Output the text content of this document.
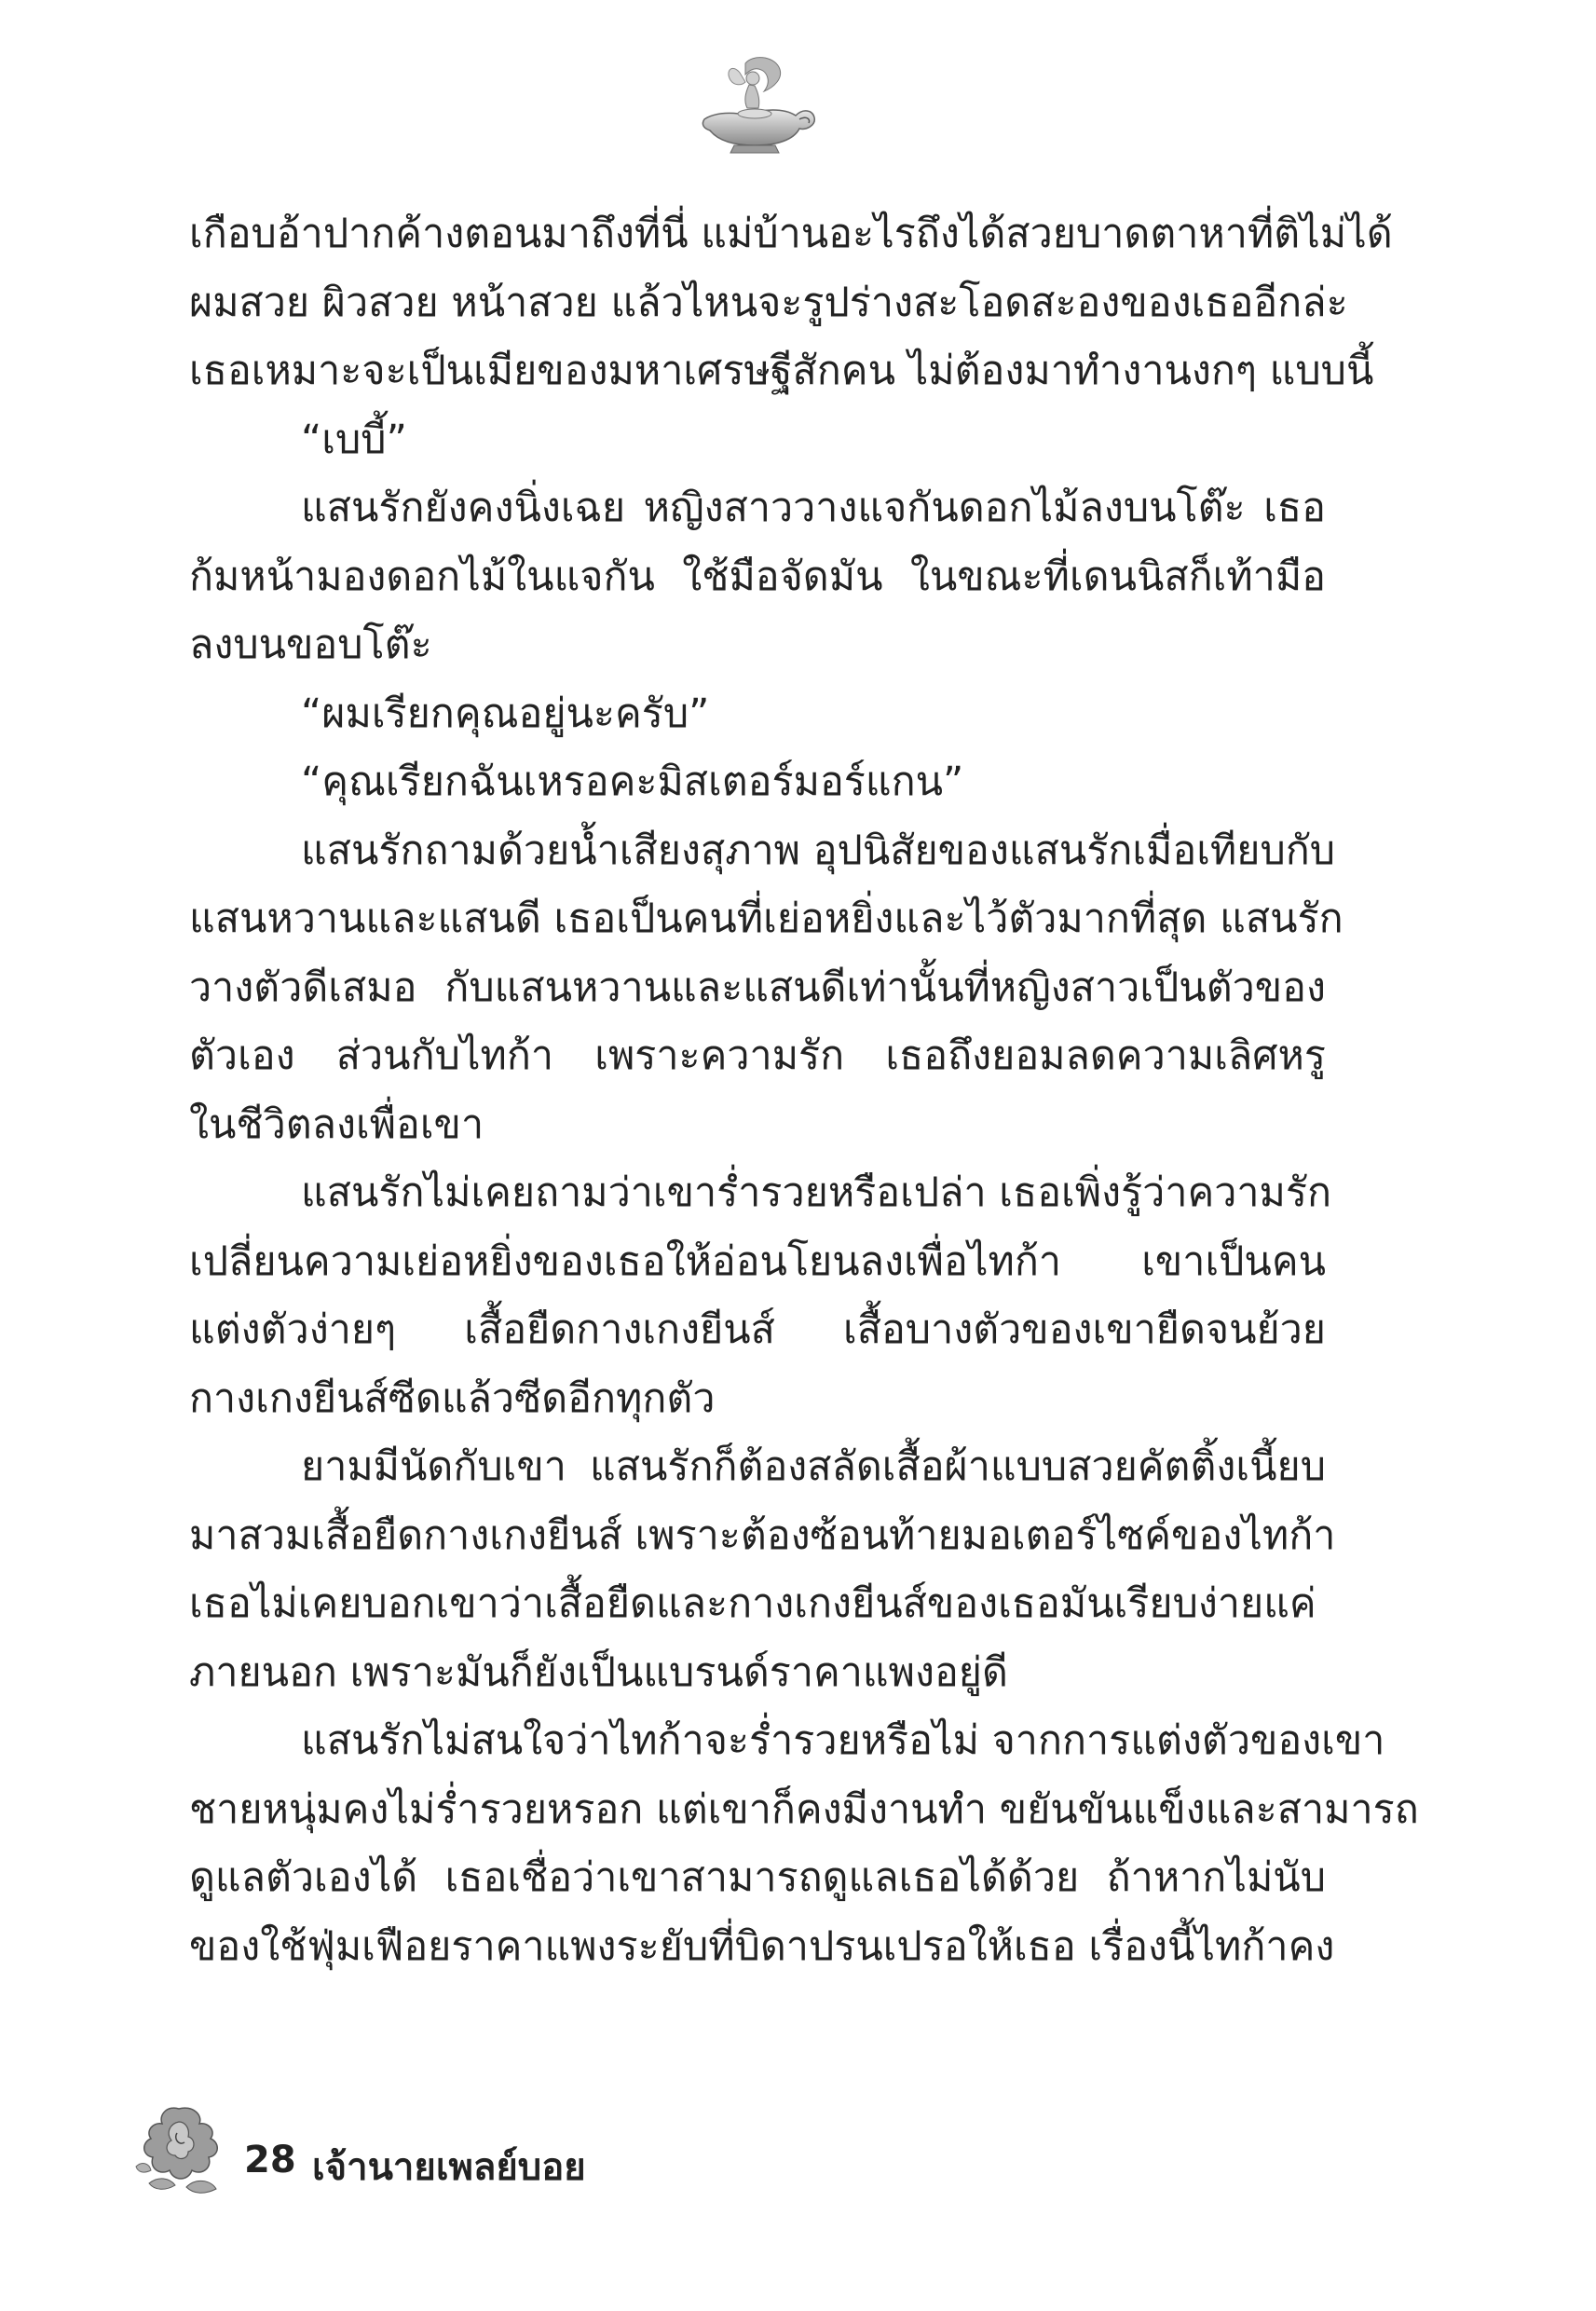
เกือบอ้าปากค้างตอนมาถึงที่นี่ แม่บ้านอะไรถึงได้สวยบาดตาหาที่ติไม่ได้
ผมสวย ผิวสวย หน้าสวย แล้วไหนจะรูปร่างสะโอดสะองของเธออีกล่ะ
เธอเหมาะจะเป็นเมียของมหาเศรษฐีสักคน ไม่ต้องมาทำงานงกๆ แบบนี้
“เบบี้”
แสนรักยังคงนิ่งเฉย หญิงสาววางแจกันดอกไม้ลงบนโต๊ะ เธอ
ก้มหน้ามองดอกไม้ในแจกัน ใช้มือจัดมัน ในขณะที่เดนนิสก็เท้ามือ
ลงบนขอบโต๊ะ
“ผมเรียกคุณอยู่นะครับ”
“คุณเรียกฉันเหรอคะมิสเตอร์มอร์แกน”
แสนรักถามด้วยน้ำเสียงสุภาพ อุปนิสัยของแสนรักเมื่อเทียบกับ
แสนหวานและแสนดี เธอเป็นคนที่เย่อหยิ่งและไว้ตัวมากที่สุด แสนรัก
วางตัวดีเสมอ กับแสนหวานและแสนดีเท่านั้นที่หญิงสาวเป็นตัวของ
ตัวเอง ส่วนกับไทก้า เพราะความรัก เธอถึงยอมลดความเลิศหรู
ในชีวิตลงเพื่อเขา
แสนรักไม่เคยถามว่าเขาร่ำรวยหรือเปล่า เธอเพิ่งรู้ว่าความรัก
เปลี่ยนความเย่อหยิ่งของเธอให้อ่อนโยนลงเพื่อไทก้า เขาเป็นคน
แต่งตัวง่ายๆ เสื้อยืดกางเกงยีนส์ เสื้อบางตัวของเขายืดจนย้วย
กางเกงยีนส์ซีดแล้วซีดอีกทุกตัว
ยามมีนัดกับเขา แสนรักก็ต้องสลัดเสื้อผ้าแบบสวยคัตติ้งเนี้ยบ
มาสวมเสื้อยืดกางเกงยีนส์ เพราะต้องซ้อนท้ายมอเตอร์ไซค์ของไทก้า
เธอไม่เคยบอกเขาว่าเสื้อยืดและกางเกงยีนส์ของเธอมันเรียบง่ายแค่
ภายนอก เพราะมันก็ยังเป็นแบรนด์ราคาแพงอยู่ดี
แสนรักไม่สนใจว่าไทก้าจะร่ำรวยหรือไม่ จากการแต่งตัวของเขา
ชายหนุ่มคงไม่ร่ำรวยหรอก แต่เขาก็คงมีงานทำ ขยันขันแข็งและสามารถ
ดูแลตัวเองได้ เธอเชื่อว่าเขาสามารถดูแลเธอได้ด้วย ถ้าหากไม่นับ
ของใช้ฟุ่มเฟือยราคาแพงระยับที่บิดาปรนเปรอให้เธอ เรื่องนี้ไทก้าคง
28 เจ้านายเพลย์บอย
